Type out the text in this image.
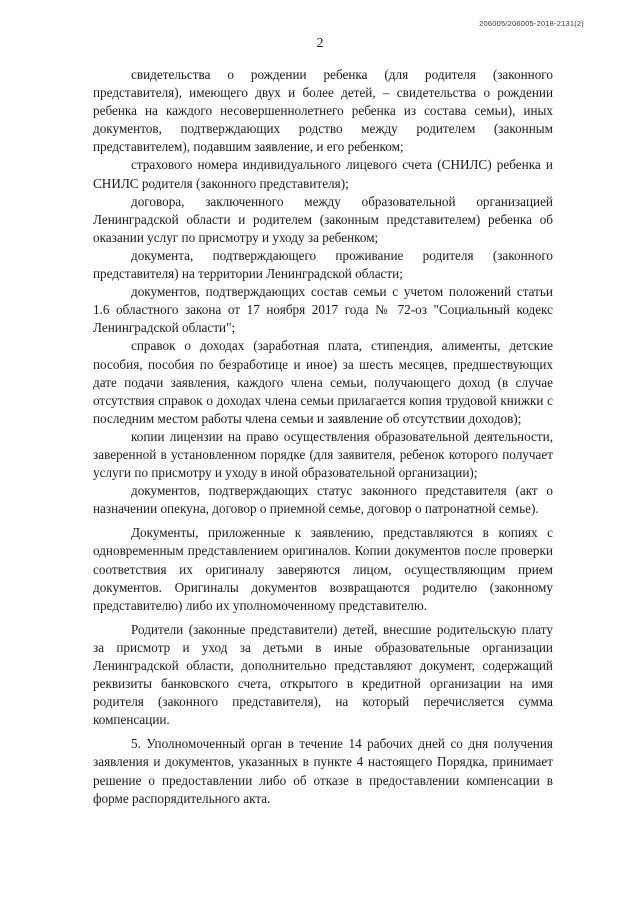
206005/206005-2018-2131(2)
2

свидетельства о рождении ребенка (для родителя (законного представителя), имеющего двух и более детей, – свидетельства о рождении ребенка на каждого несовершеннолетнего ребенка из состава семьи), иных документов, подтверждающих родство между родителем (законным представителем), подавшим заявление, и его ребенком;

страхового номера индивидуального лицевого счета (СНИЛС) ребенка и СНИЛС родителя (законного представителя);

договора, заключенного между образовательной организацией Ленинградской области и родителем (законным представителем) ребенка об оказании услуг по присмотру и уходу за ребенком;

документа, подтверждающего проживание родителя (законного представителя) на территории Ленинградской области;

документов, подтверждающих состав семьи с учетом положений статьи 1.6 областного закона от 17 ноября 2017 года № 72-оз "Социальный кодекс Ленинградской области";

справок о доходах (заработная плата, стипендия, алименты, детские пособия, пособия по безработице и иное) за шесть месяцев, предшествующих дате подачи заявления, каждого члена семьи, получающего доход (в случае отсутствия справок о доходах члена семьи прилагается копия трудовой книжки с последним местом работы члена семьи и заявление об отсутствии доходов);

копии лицензии на право осуществления образовательной деятельности, заверенной в установленном порядке (для заявителя, ребенок которого получает услуги по присмотру и уходу в иной образовательной организации);

документов, подтверждающих статус законного представителя (акт о назначении опекуна, договор о приемной семье, договор о патронатной семье).

Документы, приложенные к заявлению, представляются в копиях с одновременным представлением оригиналов. Копии документов после проверки соответствия их оригиналу заверяются лицом, осуществляющим прием документов. Оригиналы документов возвращаются родителю (законному представителю) либо их уполномоченному представителю.

Родители (законные представители) детей, внесшие родительскую плату за присмотр и уход за детьми в иные образовательные организации Ленинградской области, дополнительно представляют документ, содержащий реквизиты банковского счета, открытого в кредитной организации на имя родителя (законного представителя), на который перечисляется сумма компенсации.

5. Уполномоченный орган в течение 14 рабочих дней со дня получения заявления и документов, указанных в пункте 4 настоящего Порядка, принимает решение о предоставлении либо об отказе в предоставлении компенсации в форме распорядительного акта.
